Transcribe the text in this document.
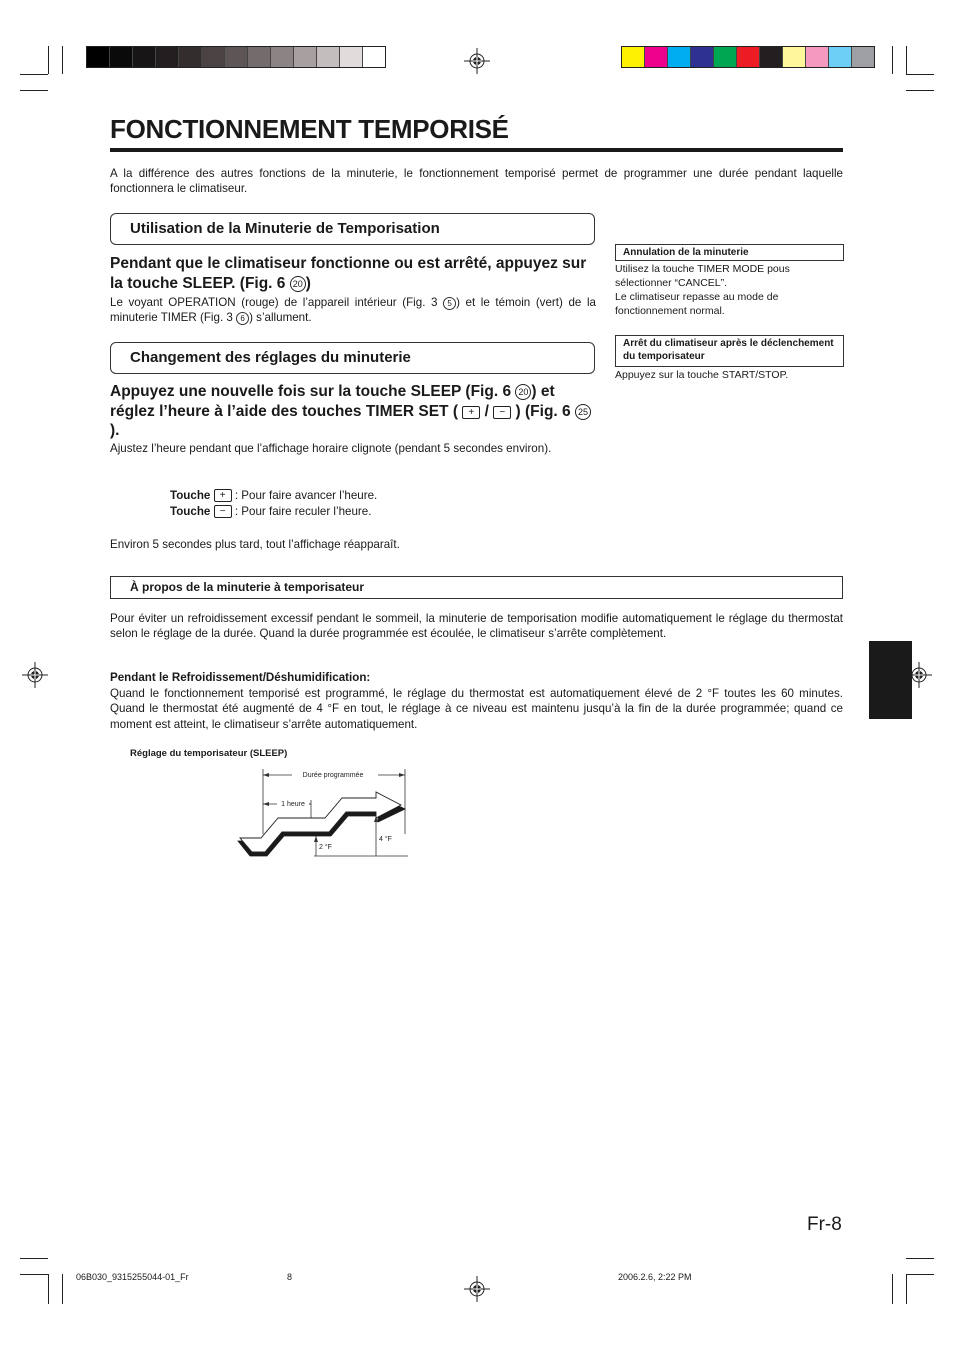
FONCTIONNEMENT TEMPORISÉ
A la différence des autres fonctions de la minuterie, le fonctionnement temporisé permet de programmer une durée pendant laquelle fonctionnera le climatiseur.
Utilisation de la Minuterie de Temporisation
Pendant que le climatiseur fonctionne ou est arrêté, appuyez sur la touche SLEEP. (Fig. 6 20 )
Le voyant OPERATION (rouge) de l’appareil intérieur (Fig. 3 5 ) et le témoin (vert) de la minuterie TIMER (Fig. 3 6 ) s’allument.
Changement des réglages du minuterie
Appuyez une nouvelle fois sur la touche SLEEP (Fig. 6 20 ) et réglez l’heure à l’aide des touches TIMER SET ( + / − ) (Fig. 6 25).
Ajustez l’heure pendant que l’affichage horaire clignote (pendant 5 secondes environ).
Touche + : Pour faire avancer l’heure.
Touche − : Pour faire reculer l’heure.
Environ 5 secondes plus tard, tout l’affichage réapparaît.
Annulation de la minuterie
Utilisez la touche TIMER MODE pous sélectionner “CANCEL”.
Le climatiseur repasse au mode de fonctionnement normal.
Arrêt du climatiseur après le déclenchement du temporisateur
Appuyez sur la touche START/STOP.
À propos de la minuterie à temporisateur
Pour éviter un refroidissement excessif pendant le sommeil, la minuterie de temporisation modifie automatiquement le réglage du thermostat selon le réglage de la durée. Quand la durée programmée est écoulée, le climatiseur s’arrête complètement.
Pendant le Refroidissement/Déshumidification:
Quand le fonctionnement temporisé est programmé, le réglage du thermostat est automatiquement élevé de 2 °F toutes les 60 minutes. Quand le thermostat été augmenté de 4 °F en tout, le réglage à ce niveau est maintenu jusqu’à la fin de la durée programmée; quand ce moment est atteint, le climatiseur s’arrête automatiquement.
Réglage du temporisateur (SLEEP)
Durée programmée
1 heure
2 °F
4 °F
Fr-8
06B030_9315255044-01_Fr	8	2006.2.6, 2:22 PM
